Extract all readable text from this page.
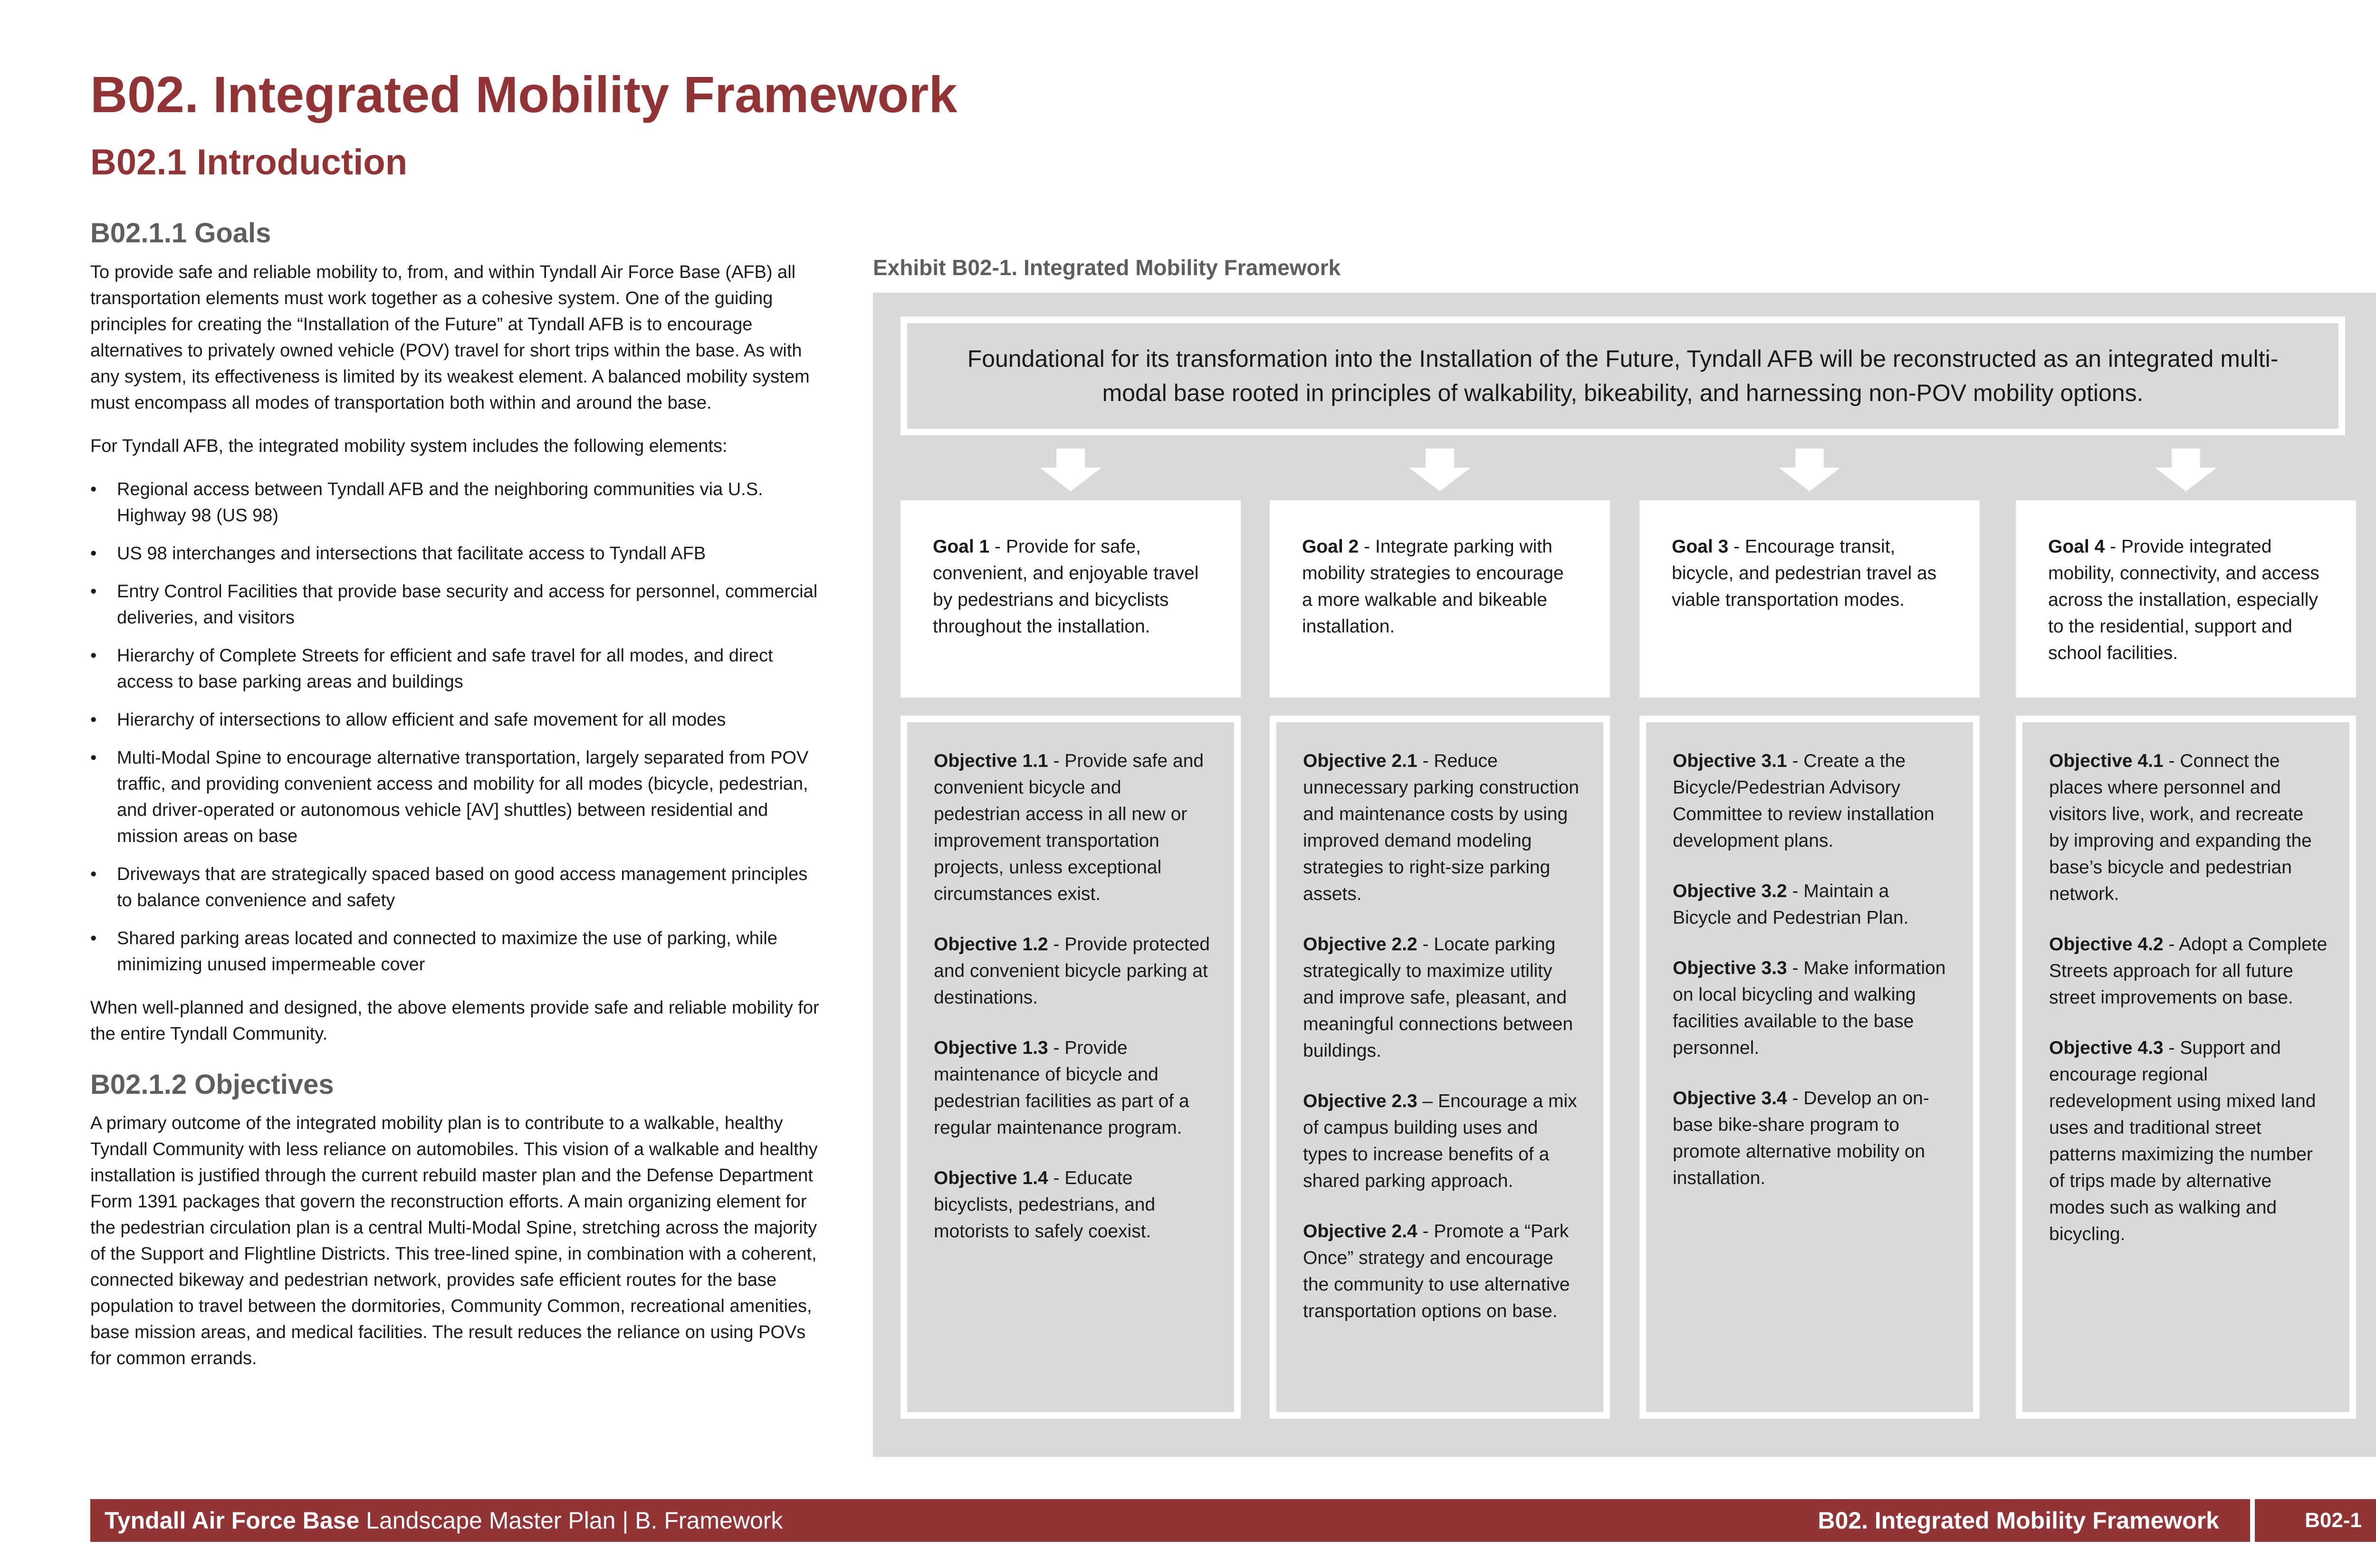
B02. Integrated Mobility Framework
B02.1 Introduction
B02.1.1 Goals

To provide safe and reliable mobility to, from, and within Tyndall Air Force Base (AFB) all transportation elements must work together as a cohesive system. One of the guiding principles for creating the “Installation of the Future” at Tyndall AFB is to encourage alternatives to privately owned vehicle (POV) travel for short trips within the base. As with any system, its effectiveness is limited by its weakest element. A balanced mobility system must encompass all modes of transportation both within and around the base.

For Tyndall AFB, the integrated mobility system includes the following elements:

• Regional access between Tyndall AFB and the neighboring communities via U.S. Highway 98 (US 98)
• US 98 interchanges and intersections that facilitate access to Tyndall AFB
• Entry Control Facilities that provide base security and access for personnel, commercial deliveries, and visitors
• Hierarchy of Complete Streets for efficient and safe travel for all modes, and direct access to base parking areas and buildings
• Hierarchy of intersections to allow efficient and safe movement for all modes
• Multi-Modal Spine to encourage alternative transportation, largely separated from POV traffic, and providing convenient access and mobility for all modes (bicycle, pedestrian, and driver-operated or autonomous vehicle [AV] shuttles) between residential and mission areas on base
• Driveways that are strategically spaced based on good access management principles to balance convenience and safety
• Shared parking areas located and connected to maximize the use of parking, while minimizing unused impermeable cover

When well-planned and designed, the above elements provide safe and reliable mobility for the entire Tyndall Community.

B02.1.2 Objectives

A primary outcome of the integrated mobility plan is to contribute to a walkable, healthy Tyndall Community with less reliance on automobiles. This vision of a walkable and healthy installation is justified through the current rebuild master plan and the Defense Department Form 1391 packages that govern the reconstruction efforts. A main organizing element for the pedestrian circulation plan is a central Multi-Modal Spine, stretching across the majority of the Support and Flightline Districts. This tree-lined spine, in combination with a coherent, connected bikeway and pedestrian network, provides safe efficient routes for the base population to travel between the dormitories, Community Common, recreational amenities, base mission areas, and medical facilities. The result reduces the reliance on using POVs for common errands.

Exhibit B02-1. Integrated Mobility Framework
Foundational for its transformation into the Installation of the Future, Tyndall AFB will be reconstructed as an integrated multi-modal base rooted in principles of walkability, bikeability, and harnessing non-POV mobility options.
Goal 1 - Provide for safe, convenient, and enjoyable travel by pedestrians and bicyclists throughout the installation.
Goal 2 - Integrate parking with mobility strategies to encourage a more walkable and bikeable installation.
Goal 3 - Encourage transit, bicycle, and pedestrian travel as viable transportation modes.
Goal 4 - Provide integrated mobility, connectivity, and access across the installation, especially to the residential, support and school facilities.
Objective 1.1 - Provide safe and convenient bicycle and pedestrian access in all new or improvement transportation projects, unless exceptional circumstances exist.
Objective 1.2 - Provide protected and convenient bicycle parking at destinations.
Objective 1.3 - Provide maintenance of bicycle and pedestrian facilities as part of a regular maintenance program.
Objective 1.4 - Educate bicyclists, pedestrians, and motorists to safely coexist.
Objective 2.1 - Reduce unnecessary parking construction and maintenance costs by using improved demand modeling strategies to right-size parking assets.
Objective 2.2 - Locate parking strategically to maximize utility and improve safe, pleasant, and meaningful connections between buildings.
Objective 2.3 – Encourage a mix of campus building uses and types to increase benefits of a shared parking approach.
Objective 2.4 - Promote a “Park Once” strategy and encourage the community to use alternative transportation options on base.
Objective 3.1 - Create a the Bicycle/Pedestrian Advisory Committee to review installation development plans.
Objective 3.2 - Maintain a Bicycle and Pedestrian Plan.
Objective 3.3 - Make information on local bicycling and walking facilities available to the base personnel.
Objective 3.4 - Develop an on-base bike-share program to promote alternative mobility on installation.
Objective 4.1 - Connect the places where personnel and visitors live, work, and recreate by improving and expanding the base’s bicycle and pedestrian network.
Objective 4.2 - Adopt a Complete Streets approach for all future street improvements on base.
Objective 4.3 - Support and encourage regional redevelopment using mixed land uses and traditional street patterns maximizing the number of trips made by alternative modes such as walking and bicycling.
Tyndall Air Force Base Landscape Master Plan | B. Framework	B02. Integrated Mobility Framework	B02-1
